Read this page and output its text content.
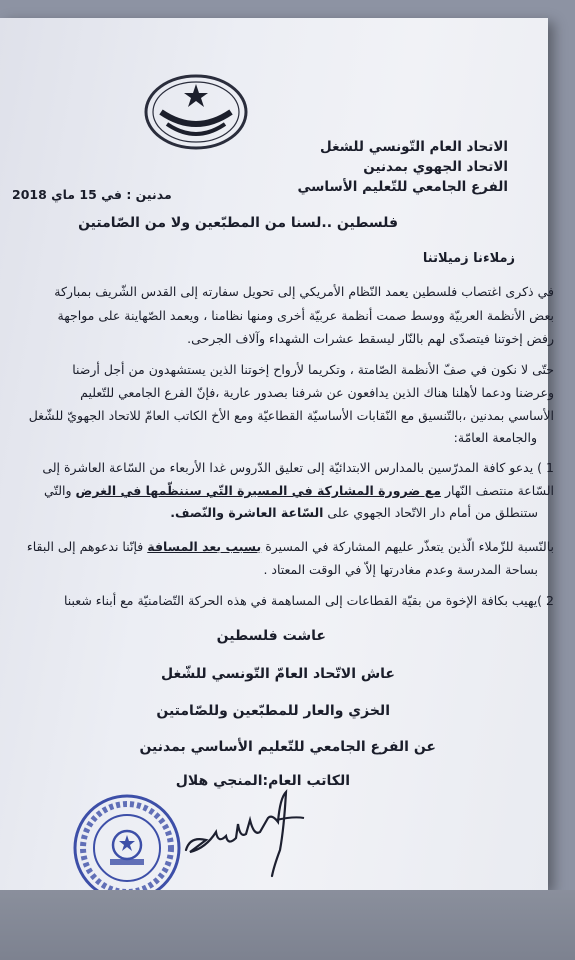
الاتحاد العام التّونسي للشغل
الاتحاد الجهوي بمدنين
الفرع الجامعي للتّعليم الأساسي
مدنين : في 15 ماي 2018
فلسطين ..لسنا من المطبّعين ولا من الصّامتين
زملاءنا زميلاتنا
في ذكرى اغتصاب فلسطين يعمد النّظام الأمريكي إلى تحويل سفارته إلى القدس الشّريف بمباركة
بعض الأنظمة العربيّة ووسط صمت أنظمة عربيّة أخرى ومنها نظامنا ، ويعمد الصّهاينة على مواجهة
رفض إخوتنا فيتصدّى لهم بالنّار ليسقط عشرات الشهداء وآلاف الجرحى.
حتّى لا نكون في صفّ الأنظمة الصّامتة ، وتكريما لأرواح إخوتنا الذين يستشهدون من أجل أرضنا
وعرضنا ودعما لأهلنا هناك الذين يدافعون عن شرفنا بصدور عارية ،فإنّ الفرع الجامعي للتّعليم
الأساسي بمدنين ،بالتّنسيق مع النّقابات الأساسيّة القطاعيّة ومع الأخ الكاتب العامّ للاتحاد الجهويّ للشّغل
والجامعة العامّة:
1 ) يدعو كافة المدرّسين بالمدارس الابتدائيّة إلى تعليق الدّروس غدا الأربعاء من السّاعة العاشرة إلى
السّاعة منتصف النّهار مع ضرورة المشاركة في المسيرة التّي سننظّمها في الغرض والتّي
ستنطلق من أمام دار الاتّحاد الجهوي على السّاعة العاشرة والنّصف.
بالنّسبة للزّملاء الّذين يتعذّر عليهم المشاركة في المسيرة بسبب بعد المسافة فإنّنا ندعوهم إلى البقاء
بساحة المدرسة وعدم مغادرتها إلاّ في الوقت المعتاد .
2 )يهيب بكافة الإخوة من بقيّة القطاعات إلى المساهمة في هذه الحركة التّضامنيّة مع أبناء شعبنا
عاشت فلسطين
عاش الاتّحاد العامّ التّونسي للشّغل
الخزي والعار للمطبّعين وللصّامتين
عن الفرع الجامعي للتّعليم الأساسي بمدنين
الكاتب العام:المنجي هلال
